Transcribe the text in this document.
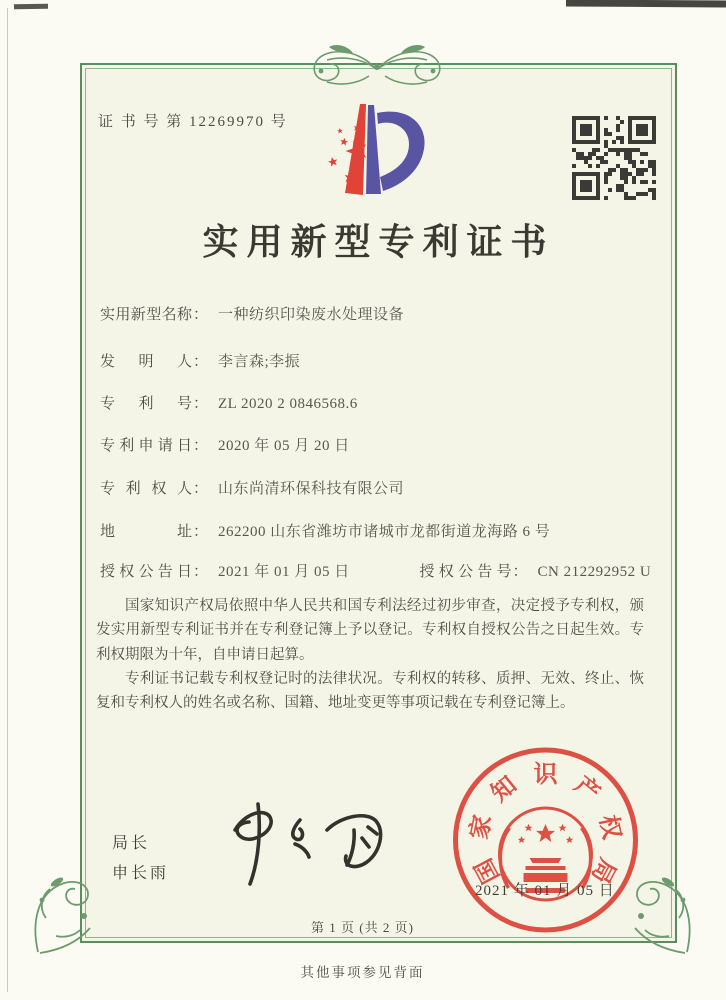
证 书 号 第 12269970 号
实用新型专利证书
实用新型名称： 一种纺织印染废水处理设备
发明人： 李言森;李振
专利号： ZL 2020 2 0846568.6
专利申请日： 2020 年 05 月 20 日
专利权人： 山东尚清环保科技有限公司
地址： 262200 山东省潍坊市诸城市龙都街道龙海路 6 号
授权公告日： 2021 年 01 月 05 日	授权公告号： CN 212292952 U

国家知识产权局依照中华人民共和国专利法经过初步审查，决定授予专利权，颁发实用新型专利证书并在专利登记簿上予以登记。专利权自授权公告之日起生效。专利权期限为十年，自申请日起算。

专利证书记载专利权登记时的法律状况。专利权的转移、质押、无效、终止、恢复和专利权人的姓名或名称、国籍、地址变更等事项记载在专利登记簿上。

局长
申长雨	国
家
知 识 产
权
局
2021 年 01 月 05 日
第 1 页 (共 2 页)
其他事项参见背面
